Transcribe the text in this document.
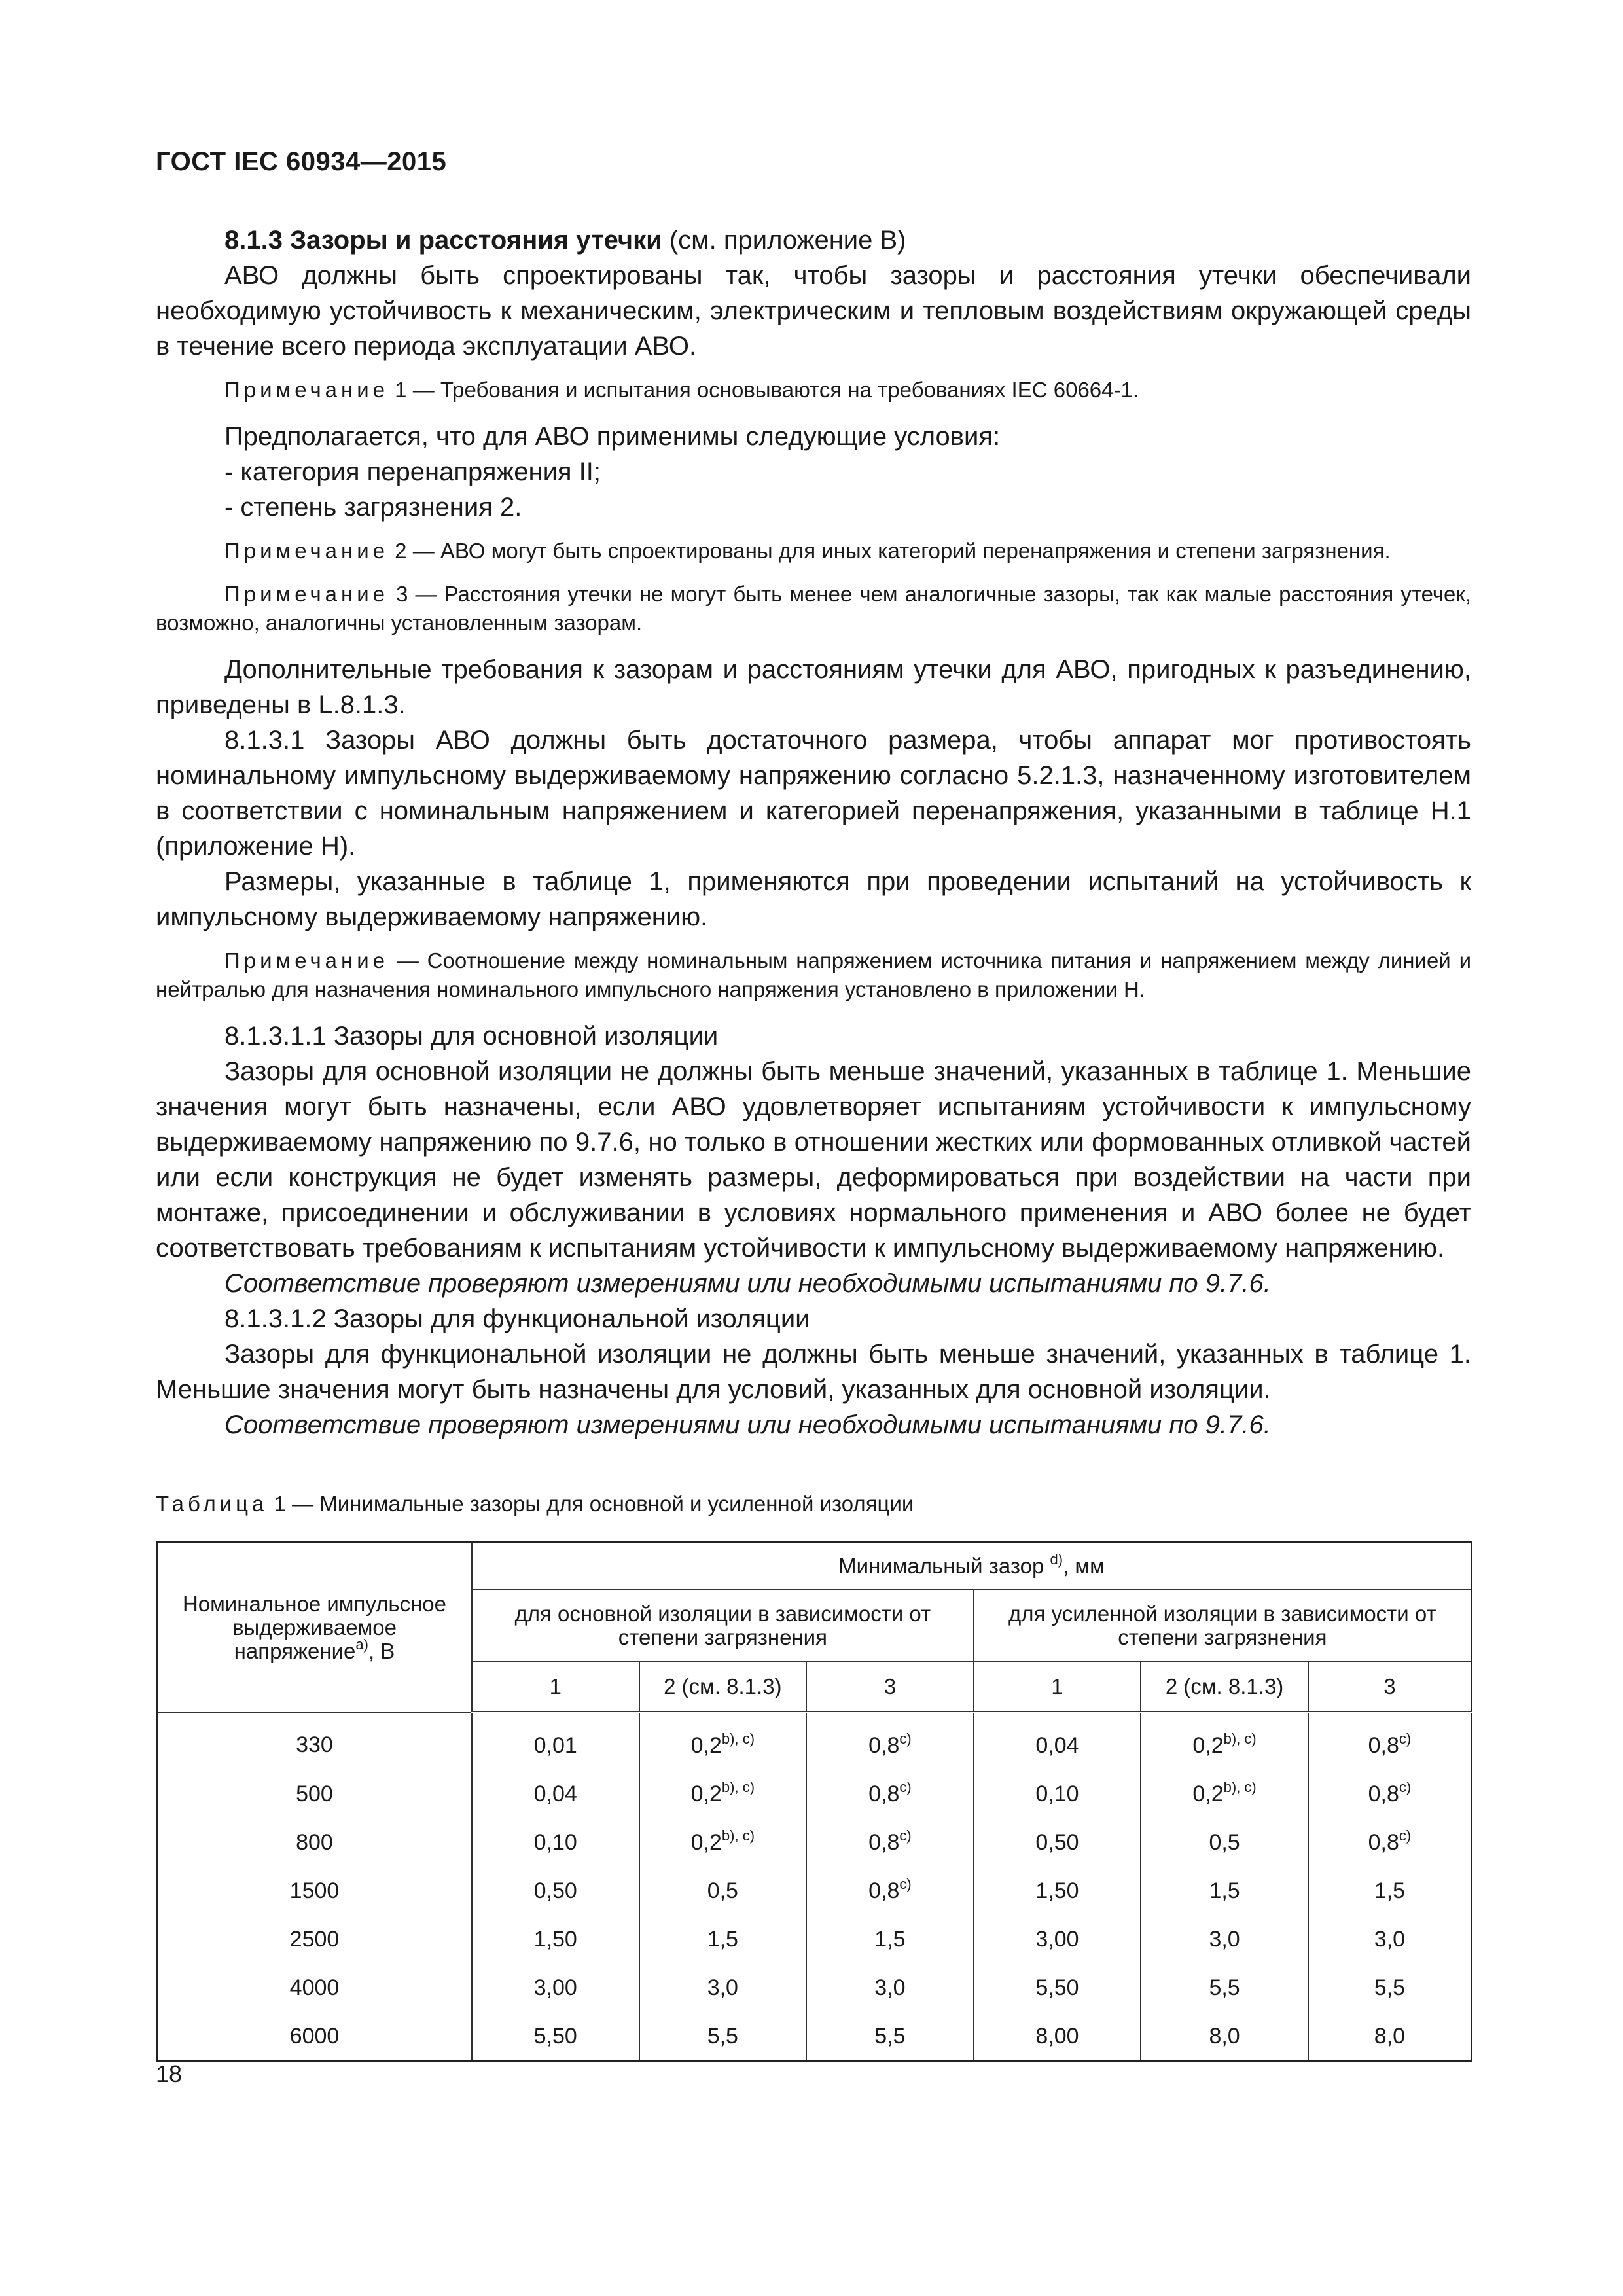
ГОСТ IEC 60934—2015

8.1.3 Зазоры и расстояния утечки (см. приложение В)

АВО должны быть спроектированы так, чтобы зазоры и расстояния утечки обеспечивали необходимую устойчивость к механическим, электрическим и тепловым воздействиям окружающей среды в течение всего периода эксплуатации АВО.

Примечание 1 — Требования и испытания основываются на требованиях IEC 60664-1.

Предполагается, что для АВО применимы следующие условия:

- категория перенапряжения II;

- степень загрязнения 2.

Примечание 2 — АВО могут быть спроектированы для иных категорий перенапряжения и степени загрязнения.

Примечание 3 — Расстояния утечки не могут быть менее чем аналогичные зазоры, так как малые расстояния утечек, возможно, аналогичны установленным зазорам.

Дополнительные требования к зазорам и расстояниям утечки для АВО, пригодных к разъединению, приведены в L.8.1.3.

8.1.3.1 Зазоры АВО должны быть достаточного размера, чтобы аппарат мог противостоять номинальному импульсному выдерживаемому напряжению согласно 5.2.1.3, назначенному изготовителем в соответствии с номинальным напряжением и категорией перенапряжения, указанными в таблице Н.1 (приложение Н).

Размеры, указанные в таблице 1, применяются при проведении испытаний на устойчивость к импульсному выдерживаемому напряжению.

Примечание — Соотношение между номинальным напряжением источника питания и напряжением между линией и нейтралью для назначения номинального импульсного напряжения установлено в приложении Н.

8.1.3.1.1 Зазоры для основной изоляции

Зазоры для основной изоляции не должны быть меньше значений, указанных в таблице 1. Меньшие значения могут быть назначены, если АВО удовлетворяет испытаниям устойчивости к импульсному выдерживаемому напряжению по 9.7.6, но только в отношении жестких или формованных отливкой частей или если конструкция не будет изменять размеры, деформироваться при воздействии на части при монтаже, присоединении и обслуживании в условиях нормального применения и АВО более не будет соответствовать требованиям к испытаниям устойчивости к импульсному выдерживаемому напряжению.

Соответствие проверяют измерениями или необходимыми испытаниями по 9.7.6.

8.1.3.1.2 Зазоры для функциональной изоляции

Зазоры для функциональной изоляции не должны быть меньше значений, указанных в таблице 1. Меньшие значения могут быть назначены для условий, указанных для основной изоляции.

Соответствие проверяют измерениями или необходимыми испытаниями по 9.7.6.

Таблица 1 — Минимальные зазоры для основной и усиленной изоляции
Номинальное импульсное выдерживаемое напряжение$^{a)}$, В	Минимальный зазор $^{d)}$, мм					
	для основной изоляции в зависимости от степени загрязнения			для усиленной изоляции в зависимости от степени загрязнения		
	1	2 (см. 8.1.3)	3	1	2 (см. 8.1.3)	3
330	0,01	$0,2^{b), c)}$	0,8$^{c)}$	0,04	$0,2^{b), c)}$	0,8$^{c)}$
500	0,04	$0,2^{b), c)}$	0,8$^{c)}$	0,10	$0,2^{b), c)}$	0,8$^{c)}$
800	0,10	$0,2^{b), c)}$	0,8$^{c)}$	0,50	0,5	0,8$^{c)}$
1500	0,50	0,5	0,8$^{c)}$	1,50	1,5	1,5
2500	1,50	1,5	1,5	3,00	3,0	3,0
4000	3,00	3,0	3,0	5,50	5,5	5,5
6000	5,50	5,5	5,5	8,00	8,0	8,0
18
